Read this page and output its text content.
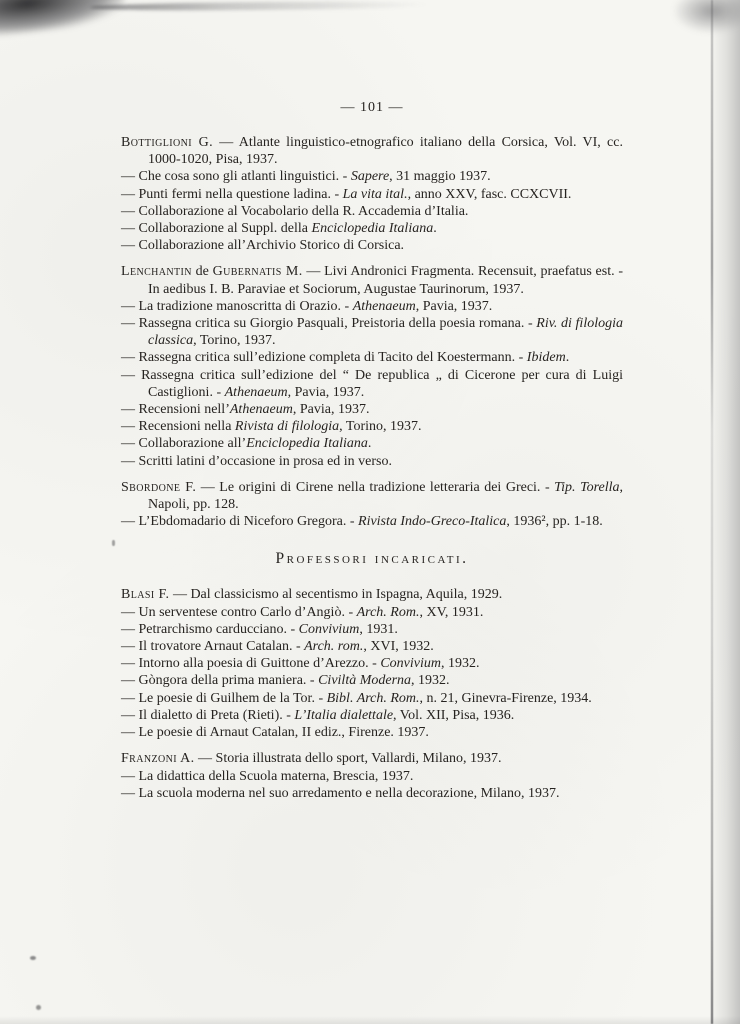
— 101 —

Bottiglioni G. — Atlante linguistico-etnografico italiano della Corsica, Vol. VI, cc. 1000-1020, Pisa, 1937.

— Che cosa sono gli atlanti linguistici. - Sapere, 31 maggio 1937.

— Punti fermi nella questione ladina. - La vita ital., anno XXV, fasc. CCXCVII.

— Collaborazione al Vocabolario della R. Accademia d’Italia.

— Collaborazione al Suppl. della Enciclopedia Italiana.

— Collaborazione all’Archivio Storico di Corsica.

Lenchantin de Gubernatis M. — Livi Andronici Fragmenta. Recensuit, praefatus est. - In aedibus I. B. Paraviae et Sociorum, Augustae Taurinorum, 1937.

— La tradizione manoscritta di Orazio. - Athenaeum, Pavia, 1937.

— Rassegna critica su Giorgio Pasquali, Preistoria della poesia romana. - Riv. di filologia classica, Torino, 1937.

— Rassegna critica sull’edizione completa di Tacito del Koestermann. - Ibidem.

— Rassegna critica sull’edizione del “ De republica „ di Cicerone per cura di Luigi Castiglioni. - Athenaeum, Pavia, 1937.

— Recensioni nell’Athenaeum, Pavia, 1937.

— Recensioni nella Rivista di filologia, Torino, 1937.

— Collaborazione all’Enciclopedia Italiana.

— Scritti latini d’occasione in prosa ed in verso.

Sbordone F. — Le origini di Cirene nella tradizione letteraria dei Greci. - Tip. Torella, Napoli, pp. 128.

— L’Ebdomadario di Niceforo Gregora. - Rivista Indo-Greco-Italica, 1936², pp. 1-18.

Professori incaricati.

Blasi F. — Dal classicismo al secentismo in Ispagna, Aquila, 1929.

— Un serventese contro Carlo d’Angiò. - Arch. Rom., XV, 1931.

— Petrarchismo carducciano. - Convivium, 1931.

— Il trovatore Arnaut Catalan. - Arch. rom., XVI, 1932.

— Intorno alla poesia di Guittone d’Arezzo. - Convivium, 1932.

— Gòngora della prima maniera. - Civiltà Moderna, 1932.

— Le poesie di Guilhem de la Tor. - Bibl. Arch. Rom., n. 21, Ginevra-Firenze, 1934.

— Il dialetto di Preta (Rieti). - L’Italia dialettale, Vol. XII, Pisa, 1936.

— Le poesie di Arnaut Catalan, II ediz., Firenze. 1937.

Franzoni A. — Storia illustrata dello sport, Vallardi, Milano, 1937.

— La didattica della Scuola materna, Brescia, 1937.

— La scuola moderna nel suo arredamento e nella decorazione, Milano, 1937.
